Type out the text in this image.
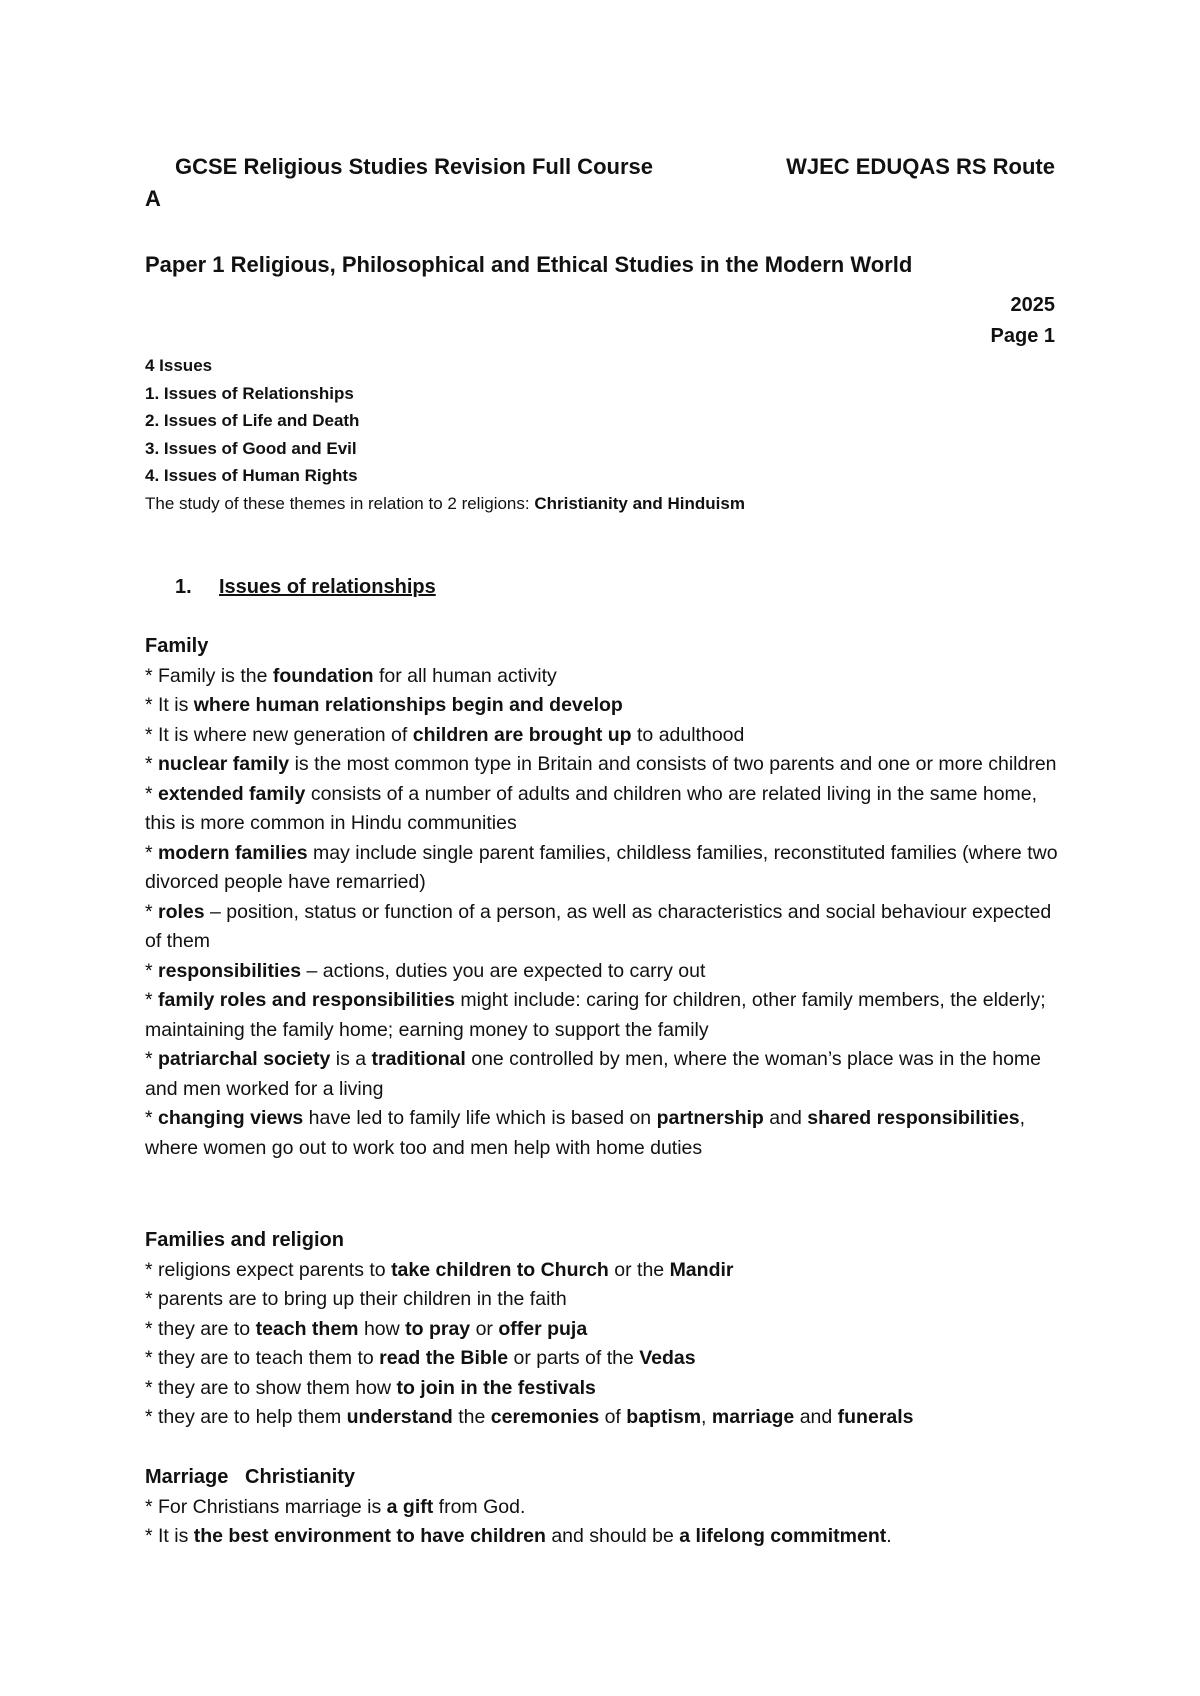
GCSE Religious Studies Revision Full Course	WJEC EDUQAS RS Route
A
Paper 1 Religious, Philosophical and Ethical Studies in the Modern World
2025
Page 1
4 Issues
1. Issues of Relationships
2. Issues of Life and Death
3. Issues of Good and Evil
4. Issues of Human Rights
The study of these themes in relation to 2 religions: Christianity and Hinduism
1. Issues of relationships

Family

* Family is the foundation for all human activity

* It is where human relationships begin and develop

* It is where new generation of children are brought up to adulthood

* nuclear family is the most common type in Britain and consists of two parents and one or more children

* extended family consists of a number of adults and children who are related living in the same home, this is more common in Hindu communities

* modern families may include single parent families, childless families, reconstituted families (where two divorced people have remarried)

* roles – position, status or function of a person, as well as characteristics and social behaviour expected of them

* responsibilities – actions, duties you are expected to carry out

* family roles and responsibilities might include: caring for children, other family members, the elderly; maintaining the family home; earning money to support the family

* patriarchal society is a traditional one controlled by men, where the woman’s place was in the home and men worked for a living

* changing views have led to family life which is based on partnership and shared responsibilities, where women go out to work too and men help with home duties

Families and religion

* religions expect parents to take children to Church or the Mandir

* parents are to bring up their children in the faith

* they are to teach them how to pray or offer puja

* they are to teach them to read the Bible or parts of the Vedas

* they are to show them how to join in the festivals

* they are to help them understand the ceremonies of baptism, marriage and funerals

Marriage   Christianity

* For Christians marriage is a gift from God.

* It is the best environment to have children and should be a lifelong commitment.
